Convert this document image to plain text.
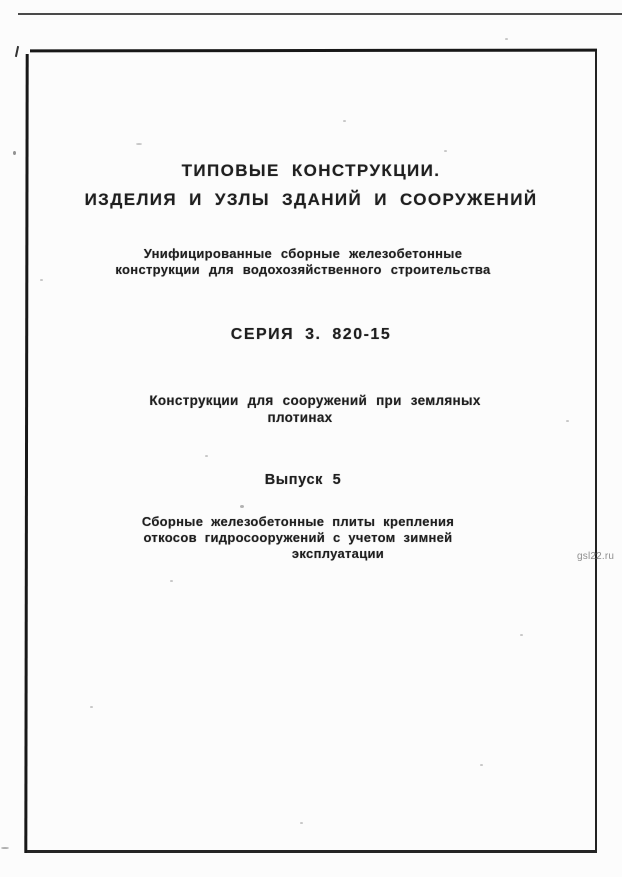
ТИПОВЫЕ КОНСТРУКЦИИ.
ИЗДЕЛИЯ И УЗЛЫ ЗДАНИЙ И СООРУЖЕНИЙ
Унифицированные сборные железобетонные
конструкции для водохозяйственного строительства
СЕРИЯ 3. 820-15
Конструкции для сооружений при земляных
плотинах
Выпуск 5
Сборные железобетонные плиты крепления
откосов гидросооружений с учетом зимней
эксплуатации	gsl22.ru
